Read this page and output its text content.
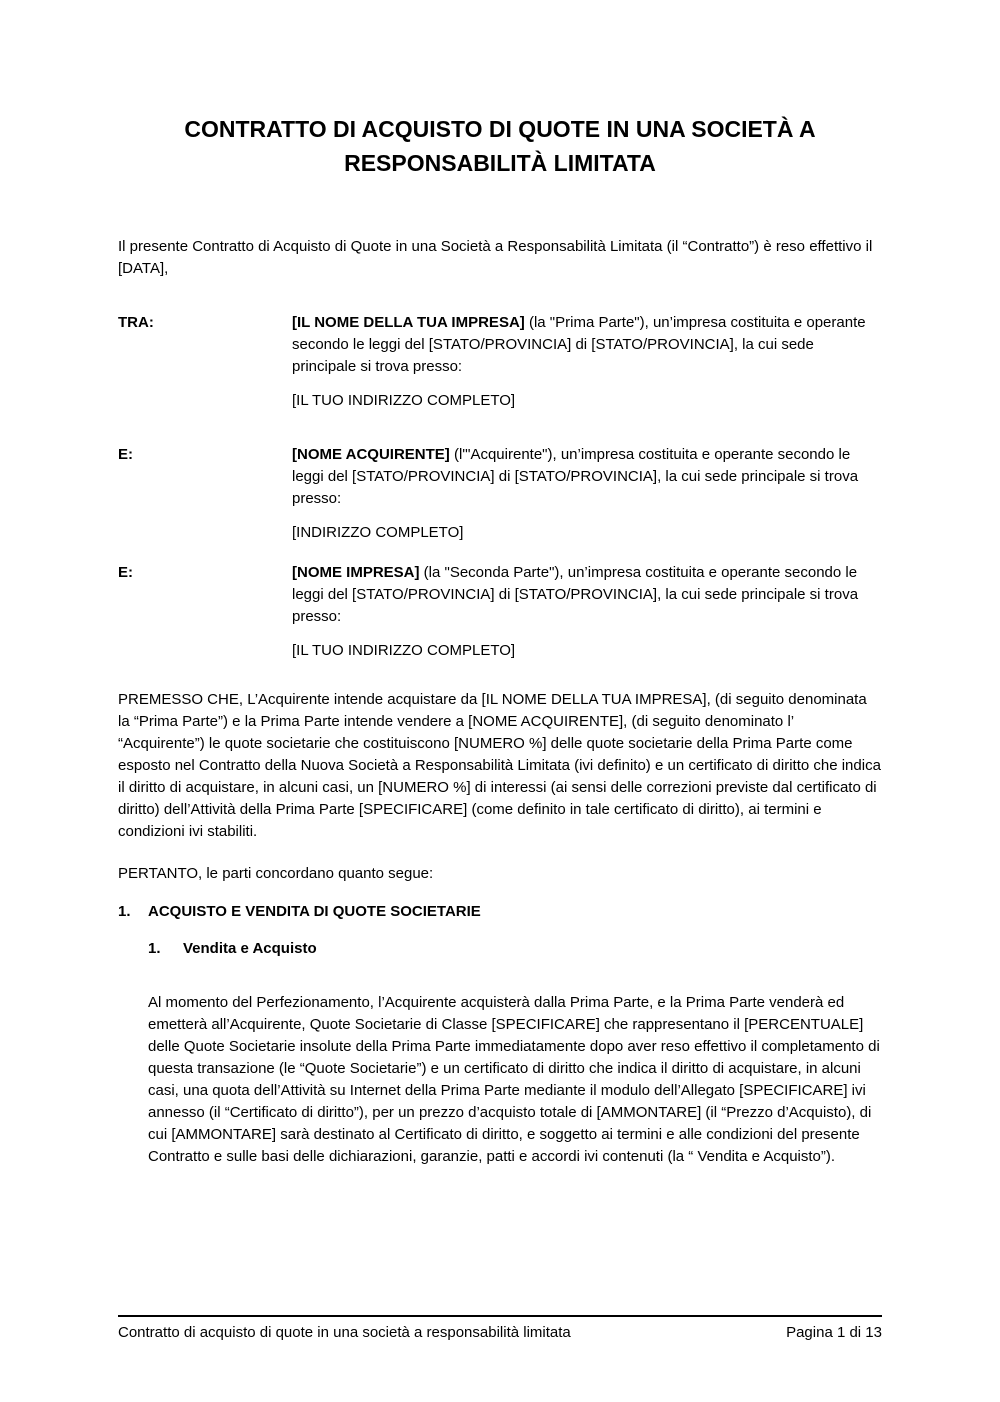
CONTRATTO DI ACQUISTO DI QUOTE IN UNA SOCIETÀ A RESPONSABILITÀ LIMITATA

Il presente Contratto di Acquisto di Quote in una Società a Responsabilità Limitata (il “Contratto”) è reso effettivo il [DATA],

TRA:	[IL NOME DELLA TUA IMPRESA] (la "Prima Parte"), un’impresa costituita e operante secondo le leggi del [STATO/PROVINCIA] di [STATO/PROVINCIA], la cui sede principale si trova presso:

[IL TUO INDIRIZZO COMPLETO]

E:	[NOME ACQUIRENTE] (l'"Acquirente"), un’impresa costituita e operante secondo le leggi del [STATO/PROVINCIA] di [STATO/PROVINCIA], la cui sede principale si trova presso:

[INDIRIZZO COMPLETO]

E:	[NOME IMPRESA] (la "Seconda Parte"), un’impresa costituita e operante secondo le leggi del [STATO/PROVINCIA] di [STATO/PROVINCIA], la cui sede principale si trova presso:

[IL TUO INDIRIZZO COMPLETO]

PREMESSO CHE, L’Acquirente intende acquistare da [IL NOME DELLA TUA IMPRESA], (di seguito denominata la “Prima Parte”) e la Prima Parte intende vendere a [NOME ACQUIRENTE], (di seguito denominato l’ “Acquirente”) le quote societarie che costituiscono [NUMERO %] delle quote societarie della Prima Parte come esposto nel Contratto della Nuova Società a Responsabilità Limitata (ivi definito) e un certificato di diritto che indica il diritto di acquistare, in alcuni casi, un [NUMERO %] di interessi (ai sensi delle correzioni previste dal certificato di diritto) dell’Attività della Prima Parte [SPECIFICARE] (come definito in tale certificato di diritto), ai termini e condizioni ivi stabiliti.

PERTANTO, le parti concordano quanto segue:

1.	ACQUISTO E VENDITA DI QUOTE SOCIETARIE
1.	Vendita e Acquisto

Al momento del Perfezionamento, l’Acquirente acquisterà dalla Prima Parte, e la Prima Parte venderà ed emetterà all’Acquirente, Quote Societarie di Classe [SPECIFICARE] che rappresentano il [PERCENTUALE] delle Quote Societarie insolute della Prima Parte immediatamente dopo aver reso effettivo il completamento di questa transazione (le “Quote Societarie”) e un certificato di diritto che indica il diritto di acquistare, in alcuni casi, una quota dell’Attività su Internet della Prima Parte mediante il modulo dell’Allegato [SPECIFICARE] ivi annesso (il “Certificato di diritto”), per un prezzo d’acquisto totale di [AMMONTARE] (il “Prezzo d’Acquisto), di cui [AMMONTARE] sarà destinato al Certificato di diritto, e soggetto ai termini e alle condizioni del presente Contratto e sulle basi delle dichiarazioni, garanzie, patti e accordi ivi contenuti (la “ Vendita e Acquisto”).

Contratto di acquisto di quote in una società a responsabilità limitata	Pagina 1 di 13
